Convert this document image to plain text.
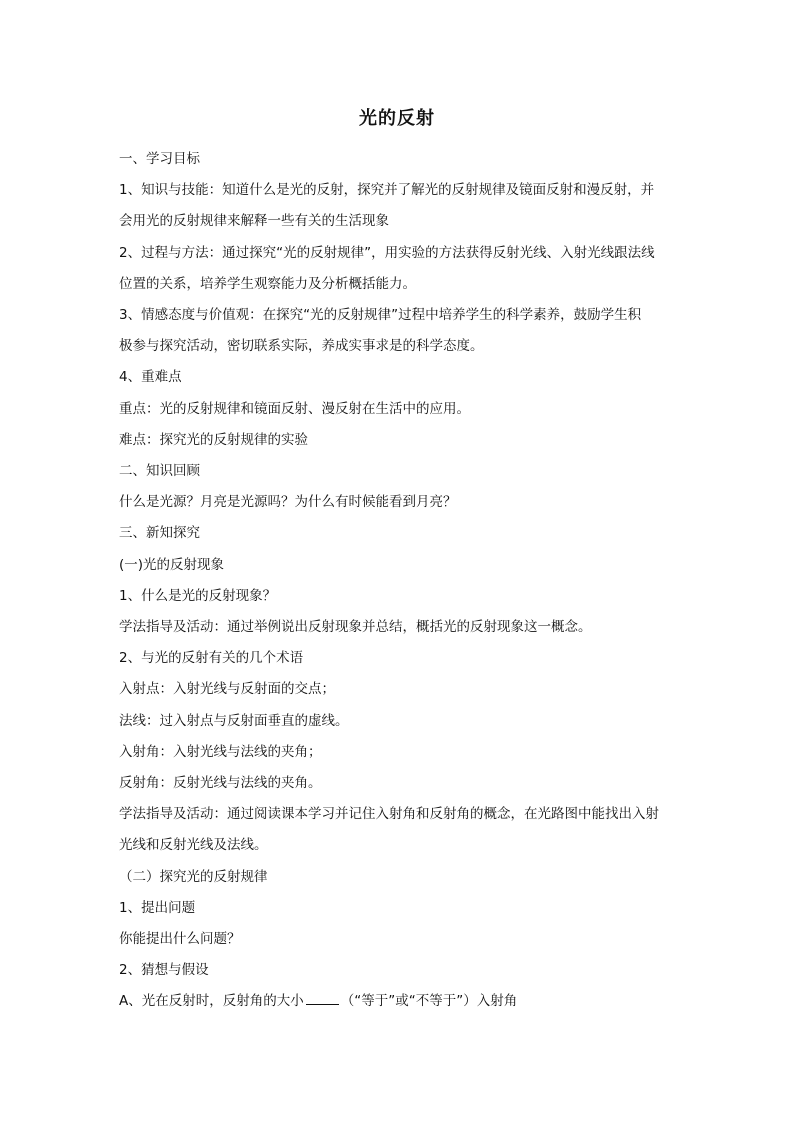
光的反射

一、学习目标

1、知识与技能：知道什么是光的反射，探究并了解光的反射规律及镜面反射和漫反射，并

会用光的反射规律来解释一些有关的生活现象

2、过程与方法：通过探究“光的反射规律”，用实验的方法获得反射光线、入射光线跟法线

位置的关系，培养学生观察能力及分析概括能力。

3、情感态度与价值观：在探究“光的反射规律”过程中培养学生的科学素养，鼓励学生积

极参与探究活动，密切联系实际，养成实事求是的科学态度。

4、重难点

重点：光的反射规律和镜面反射、漫反射在生活中的应用。

难点：探究光的反射规律的实验

二、知识回顾

什么是光源？月亮是光源吗？为什么有时候能看到月亮？

三、新知探究

(一)光的反射现象

1、什么是光的反射现象？

学法指导及活动：通过举例说出反射现象并总结，概括光的反射现象这一概念。

2、与光的反射有关的几个术语

入射点：入射光线与反射面的交点；

法线：过入射点与反射面垂直的虚线。

入射角：入射光线与法线的夹角；

反射角：反射光线与法线的夹角。

学法指导及活动：通过阅读课本学习并记住入射角和反射角的概念，在光路图中能找出入射

光线和反射光线及法线。

（二）探究光的反射规律

1、提出问题

你能提出什么问题？

2、猜想与假设

A、光在反射时，反射角的大小	（“等于”或“不等于”）入射角
